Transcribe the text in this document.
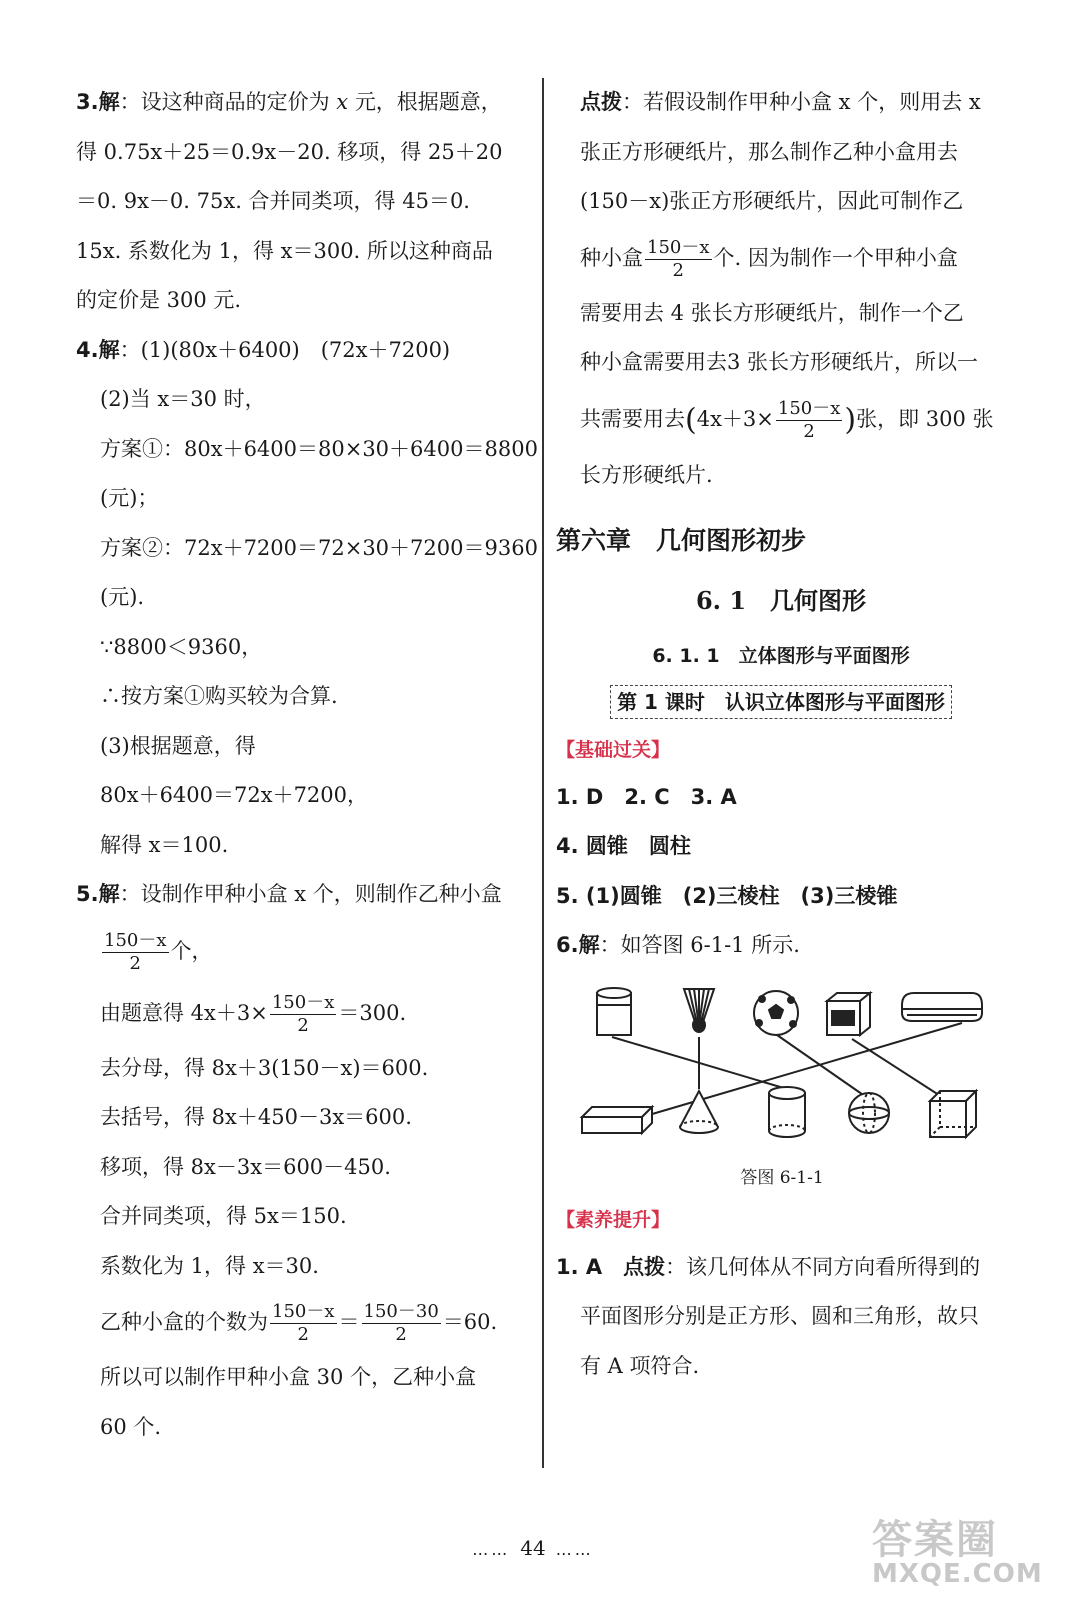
3.解：设这种商品的定价为 x 元，根据题意，
得 0.75x＋25＝0.9x－20. 移项，得 25＋20
＝0. 9x－0. 75x. 合并同类项，得 45＝0.
15x. 系数化为 1，得 x＝300. 所以这种商品
的定价是 300 元.
4.解：(1)(80x＋6400)　(72x＋7200)
(2)当 x＝30 时，
方案①：80x＋6400＝80×30＋6400＝8800
(元)；
方案②：72x＋7200＝72×30＋7200＝9360
(元).
∵8800＜9360，
∴按方案①购买较为合算.
(3)根据题意，得
80x＋6400＝72x＋7200，
解得 x＝100.
5.解：设制作甲种小盒 x 个，则制作乙种小盒
$\frac{150-x}{2}$ 个，
由题意得 $4x+3\times \frac{150-x}{2} =300$.
去分母，得 8x＋3(150－x)＝600.
去括号，得 8x＋450－3x＝600.
移项，得 8x－3x＝600－450.
合并同类项，得 5x＝150.
系数化为 1，得 x＝30.
乙种小盒的个数为 $\frac{150-x}{2} = \frac{150-30}{2} =60$.
所以可以制作甲种小盒 30 个，乙种小盒
60 个.
点拨：若假设制作甲种小盒 x 个，则用去 x
张正方形硬纸片，那么制作乙种小盒用去
(150－x)张正方形硬纸片，因此可制作乙
种小盒 $\frac{150-x}{2}$ 个. 因为制作一个甲种小盒
需要用去 4 张长方形硬纸片，制作一个乙
种小盒需要用去3 张长方形硬纸片，所以一
共需要用去($4x+3\times \frac{150-x}{2}$ )张，即 300 张
长方形硬纸片.
第六章　几何图形初步
6. 1　几何图形
6. 1. 1　立体图形与平面图形
第 1 课时　认识立体图形与平面图形
【基础过关】
1. D　2. C　3. A
4. 圆锥　圆柱
5. (1)圆锥　(2)三棱柱　(3)三棱锥
6.解：如答图 6-1-1 所示.
答图 6-1-1
【素养提升】
1. A　点拨：该几何体从不同方向看所得到的
平面图形分别是正方形、圆和三角形，故只
有 A 项符合.
…… 44 ……	答案圈
MXQE.COM
